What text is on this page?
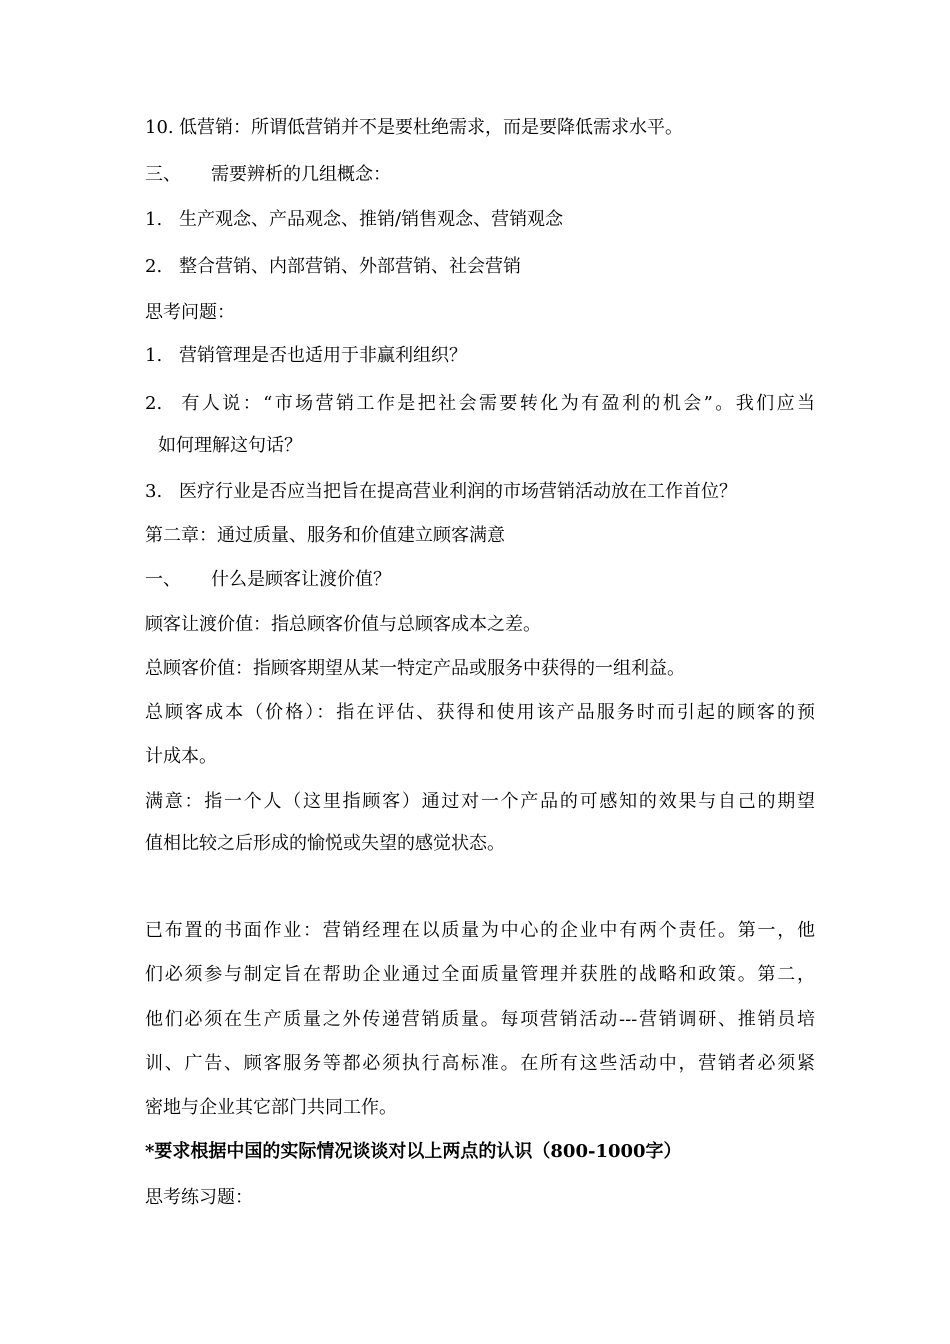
10. 低营销：所谓低营销并不是要杜绝需求，而是要降低需求水平。
三、 需要辨析的几组概念：
1. 生产观念、产品观念、推销/销售观念、营销观念
2. 整合营销、内部营销、外部营销、社会营销
思考问题：
1. 营销管理是否也适用于非赢利组织？
2. 有人说：“市场营销工作是把社会需要转化为有盈利的机会”。我们应当
如何理解这句话？
3. 医疗行业是否应当把旨在提高营业利润的市场营销活动放在工作首位？
第二章：通过质量、服务和价值建立顾客满意
一、 什么是顾客让渡价值？
顾客让渡价值：指总顾客价值与总顾客成本之差。
总顾客价值：指顾客期望从某一特定产品或服务中获得的一组利益。
总顾客成本（价格）：指在评估、获得和使用该产品服务时而引起的顾客的预
计成本。
满意：指一个人（这里指顾客）通过对一个产品的可感知的效果与自己的期望
值相比较之后形成的愉悦或失望的感觉状态。
已布置的书面作业：营销经理在以质量为中心的企业中有两个责任。第一，他
们必须参与制定旨在帮助企业通过全面质量管理并获胜的战略和政策。第二，
他们必须在生产质量之外传递营销质量。每项营销活动---营销调研、推销员培
训、广告、顾客服务等都必须执行高标准。在所有这些活动中，营销者必须紧
密地与企业其它部门共同工作。
*要求根据中国的实际情况谈谈对以上两点的认识（800-1000字）
思考练习题：
